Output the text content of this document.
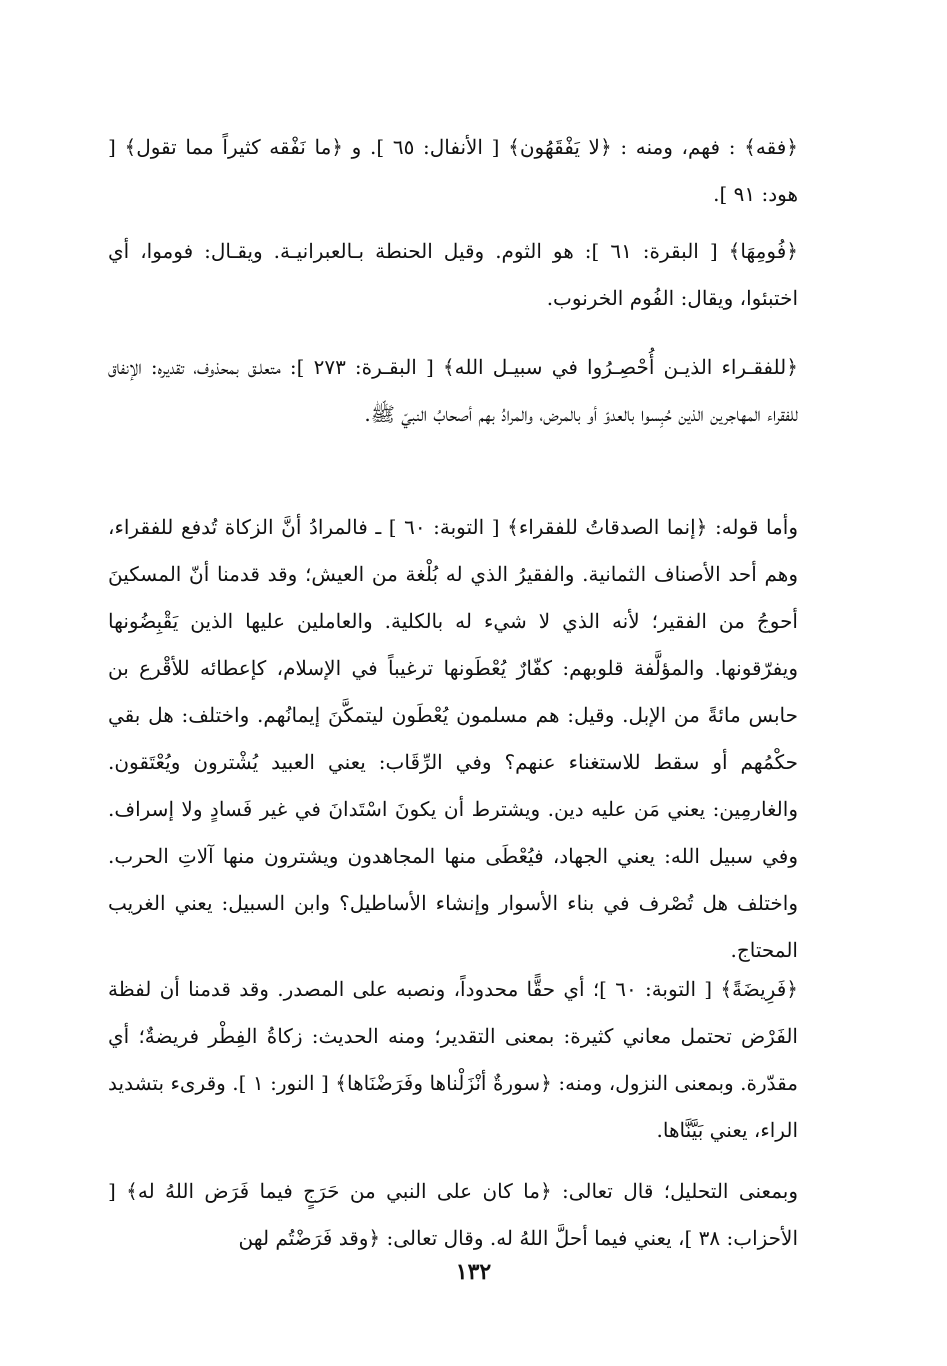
﴿فقه﴾ : فهم، ومنه : ﴿لا يَفْقَهُون﴾ [ الأنفال: ٦٥ ]. و ﴿ما نَفْقه كثيراً مما تقول﴾ [ هود: ٩١ ].

﴿فُومِهَا﴾ [ البقرة: ٦١ ]: هو الثوم. وقيل الحنطة بـالعبرانيـة. ويقـال: فوموا، أي اختبئوا، ويقال: الفُوم الخرنوب.

﴿للفقـراء الذيـن أُحْصِـرُوا في سبيـل الله﴾ [ البقـرة: ٢٧٣ ]: متعلـق بمحذوف، تقديره: الإنفاق للفقراء المهاجرين الذين حُبِسوا بالعدوّ أو بالمرض، والمرادُ بهم أصحابُ النبيّ ﷺ.

وأما قوله: ﴿إنما الصدقاتُ للفقراء﴾ [ التوبة: ٦٠ ] ـ فالمرادُ أنَّ الزكاة تُدفع للفقراء، وهم أحد الأصناف الثمانية. والفقيرُ الذي له بُلْغة من العيش؛ وقد قدمنا أنّ المسكينَ أحوجُ من الفقير؛ لأنه الذي لا شيء له بالكلية. والعاملين عليها الذين يَقْبِضُونها ويفرّقونها. والمؤلَّفة قلوبهم: كفّارٌ يُعْطَونها ترغيباً في الإسلام، كإعطائه للأقْرع بن حابس مائةً من الإبل. وقيل: هم مسلمون يُعْطَون ليتمكَّنَ إيمانُهم. واختلف: هل بقي حكْمُهم أو سقط للاستغناء عنهم؟ وفي الرِّقَاب: يعني العبيد يُشْترون ويُعْتَقون. والغارمِين: يعني مَن عليه دين. ويشترط أن يكونَ اسْتَدانَ في غير فَسادٍ ولا إسراف. وفي سبيل الله: يعني الجهاد، فيُعْطَى منها المجاهدون ويشترون منها آلاتِ الحرب. واختلف هل تُصْرف في بناء الأسوار وإنشاء الأساطيل؟ وابن السبيل: يعني الغريب المحتاج.

﴿فَرِيضَةً﴾ [ التوبة: ٦٠ ]؛ أي حقًّا محدوداً، ونصبه على المصدر. وقد قدمنا أن لفظة الفَرْض تحتمل معاني كثيرة: بمعنى التقدير؛ ومنه الحديث: زكاةُ الفِطْر فريضةٌ؛ أي مقدّرة. وبمعنى النزول، ومنه: ﴿سورةٌ أنْزَلْناها وفَرَضْنَاها﴾ [ النور: ١ ]. وقرىء بتشديد الراء، يعني بَيَّنَّاها.

وبمعنى التحليل؛ قال تعالى: ﴿ما كان على النبي من حَرَجٍ فيما فَرَض اللهُ له﴾ [ الأحزاب: ٣٨ ]، يعني فيما أحلَّ اللهُ له. وقال تعالى: ﴿وقد فَرَضْتُم لهن

١٣٢
